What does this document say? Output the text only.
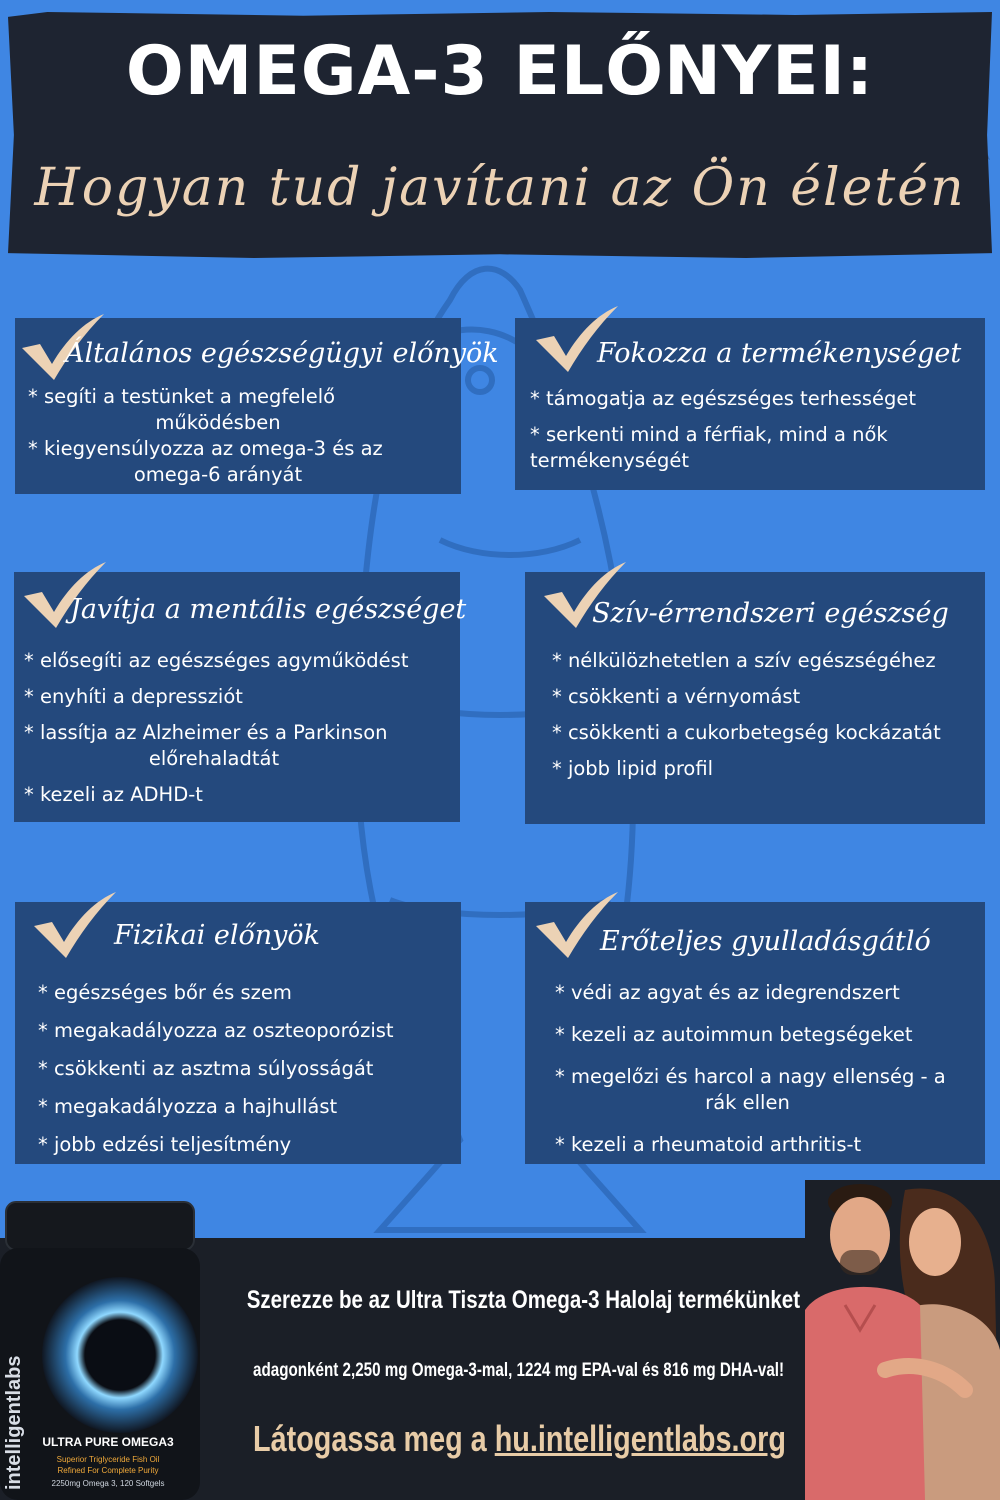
OMEGA-3 ELŐNYEI:
Hogyan tud javítani az Ön életén
Általános egészségügyi előnyök
* segíti a testünket a megfelelő
működésben
* kiegyensúlyozza az omega-3 és az
omega-6 arányát
Fokozza a termékenységet
* támogatja az egészséges terhességet
* serkenti mind a férfiak, mind a nők
termékenységét
Javítja a mentális egészséget
* elősegíti az egészséges agyműködést
* enyhíti a depressziót
* lassítja az Alzheimer és a Parkinson
előrehaladtát
* kezeli az ADHD-t
Szív-érrendszeri egészség
* nélkülözhetetlen a szív egészségéhez
* csökkenti a vérnyomást
* csökkenti a cukorbetegség kockázatát
* jobb lipid profil
Fizikai előnyök
* egészséges bőr és szem
* megakadályozza az oszteoporózist
* csökkenti az asztma súlyosságát
* megakadályozza a hajhullást
* jobb edzési teljesítmény
Erőteljes gyulladásgátló
* védi az agyat és az idegrendszert
* kezeli az autoimmun betegségeket
* megelőzi és harcol a nagy ellenség - a
rák ellen
* kezeli a rheumatoid arthritis-t
ULTRA PURE OMEGA3
Superior Triglyceride Fish Oil
Refined For Complete Purity
2250mg Omega 3, 120 Softgels
intelligentlabs
Szerezze be az Ultra Tiszta Omega-3 Halolaj termékünket
adagonként 2,250 mg Omega-3-mal, 1224 mg EPA-val és 816 mg DHA-val!
Látogassa meg a hu.intelligentlabs.org
